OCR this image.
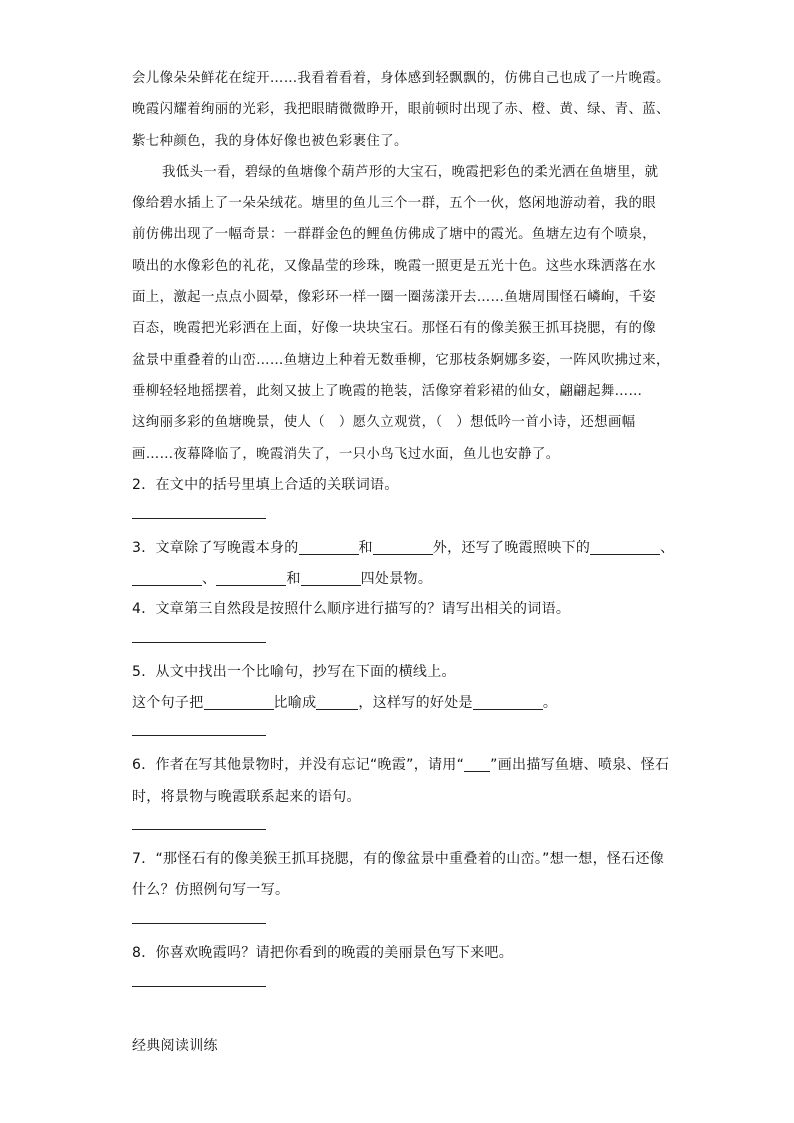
会儿像朵朵鲜花在绽开……我看着看着，身体感到轻飘飘的，仿佛自己也成了一片晚霞。
晚霞闪耀着绚丽的光彩，我把眼睛微微睁开，眼前顿时出现了赤、橙、黄、绿、青、蓝、
紫七种颜色，我的身体好像也被色彩裹住了。
我低头一看，碧绿的鱼塘像个葫芦形的大宝石，晚霞把彩色的柔光洒在鱼塘里，就
像给碧水插上了一朵朵绒花。塘里的鱼儿三个一群，五个一伙，悠闲地游动着，我的眼
前仿佛出现了一幅奇景：一群群金色的鲤鱼仿佛成了塘中的霞光。鱼塘左边有个喷泉，
喷出的水像彩色的礼花，又像晶莹的珍珠，晚霞一照更是五光十色。这些水珠洒落在水
面上，激起一点点小圆晕，像彩环一样一圈一圈荡漾开去……鱼塘周围怪石嶙峋，千姿
百态，晚霞把光彩洒在上面，好像一块块宝石。那怪石有的像美猴王抓耳挠腮，有的像
盆景中重叠着的山峦……鱼塘边上种着无数垂柳，它那枝条婀娜多姿，一阵风吹拂过来，
垂柳轻轻地摇摆着，此刻又披上了晚霞的艳装，活像穿着彩裙的仙女，翩翩起舞……
这绚丽多彩的鱼塘晚景，使人（　）愿久立观赏，（　）想低吟一首小诗，还想画幅
画……夜幕降临了，晚霞消失了，一只小鸟飞过水面，鱼儿也安静了。
2．在文中的括号里填上合适的关联词语。
3．文章除了写晚霞本身的	和	外，还写了晚霞照映下的	、
、	和	四处景物。
4．文章第三自然段是按照什么顺序进行描写的？请写出相关的词语。
5．从文中找出一个比喻句，抄写在下面的横线上。
这个句子把	比喻成	，这样写的好处是	。
6．作者在写其他景物时，并没有忘记“晚霞”，请用“ ”画出描写鱼塘、喷泉、怪石
时，将景物与晚霞联系起来的语句。
7．“那怪石有的像美猴王抓耳挠腮，有的像盆景中重叠着的山峦。”想一想，怪石还像
什么？仿照例句写一写。
8．你喜欢晚霞吗？请把你看到的晚霞的美丽景色写下来吧。
经典阅读训练
